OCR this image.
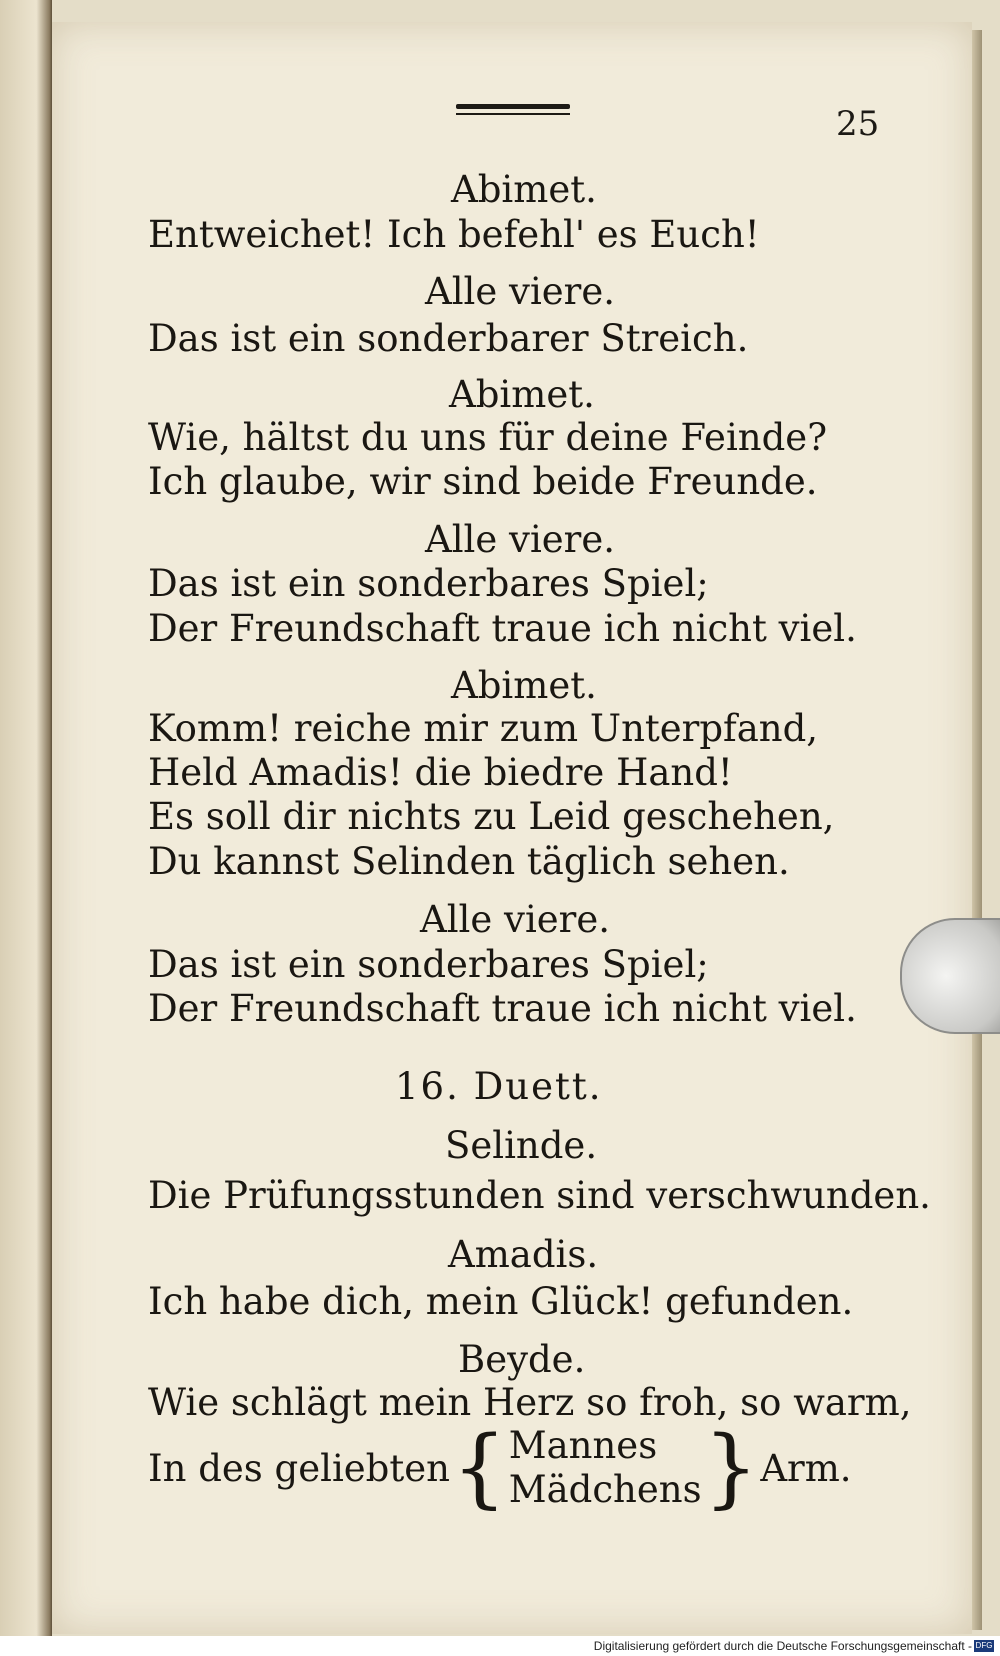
25
Abimet.
Entweichet! Ich befehl' es Euch!
Alle viere.
Das ist ein sonderbarer Streich.
Abimet.
Wie, hältst du uns für deine Feinde?
Ich glaube, wir sind beide Freunde.
Alle viere.
Das ist ein sonderbares Spiel;
Der Freundschaft traue ich nicht viel.
Abimet.
Komm! reiche mir zum Unterpfand,
Held Amadis! die biedre Hand!
Es soll dir nichts zu Leid geschehen,
Du kannst Selinden täglich sehen.
Alle viere.
Das ist ein sonderbares Spiel;
Der Freundschaft traue ich nicht viel.
16. Duett.
Selinde.
Die Prüfungsstunden sind verschwunden.
Amadis.
Ich habe dich, mein Glück! gefunden.
Beyde.
Wie schlägt mein Herz so froh, so warm,
In des geliebten { Mannes
Mädchens } Arm.
Digitalisierung gefördert durch die Deutsche Forschungsgemeinschaft - DFG
